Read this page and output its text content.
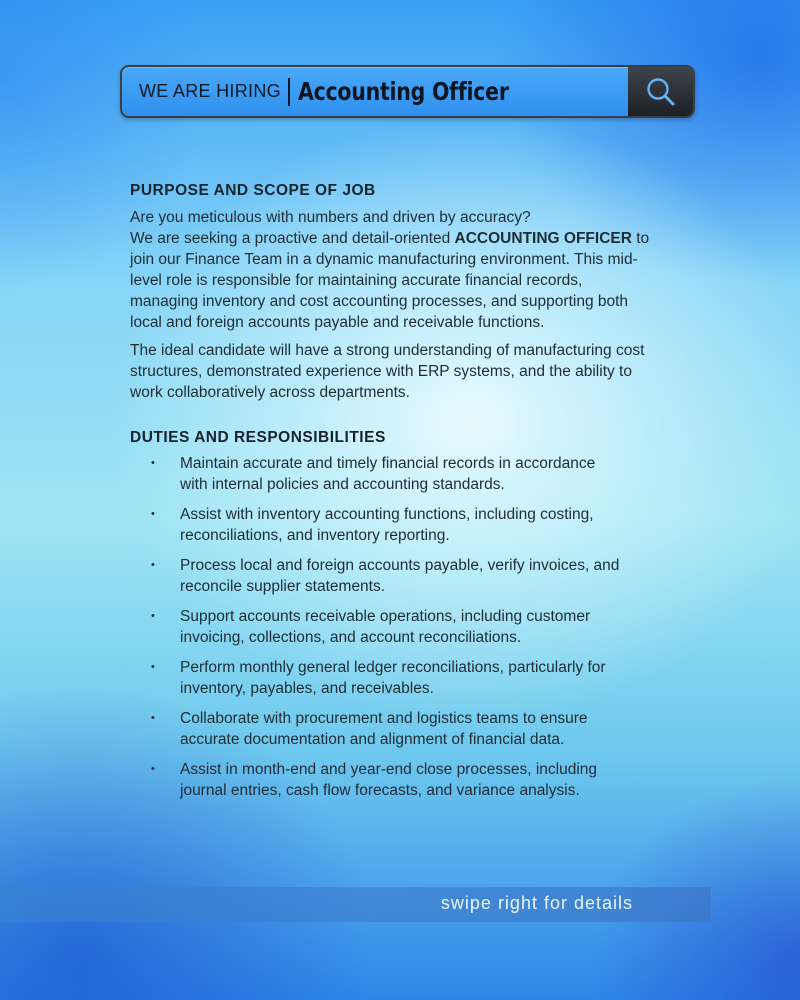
WE ARE HIRING Accounting Officer
PURPOSE AND SCOPE OF JOB

Are you meticulous with numbers and driven by accuracy?

We are seeking a proactive and detail-oriented ACCOUNTING OFFICER to join our Finance Team in a dynamic manufacturing environment. This mid-level role is responsible for maintaining accurate financial records, managing inventory and cost accounting processes, and supporting both local and foreign accounts payable and receivable functions.

The ideal candidate will have a strong understanding of manufacturing cost structures, demonstrated experience with ERP systems, and the ability to work collaboratively across departments.

DUTIES AND RESPONSIBILITIES
• Maintain accurate and timely financial records in accordance with internal policies and accounting standards.
• Assist with inventory accounting functions, including costing, reconciliations, and inventory reporting.
• Process local and foreign accounts payable, verify invoices, and reconcile supplier statements.
• Support accounts receivable operations, including customer invoicing, collections, and account reconciliations.
• Perform monthly general ledger reconciliations, particularly for inventory, payables, and receivables.
• Collaborate with procurement and logistics teams to ensure accurate documentation and alignment of financial data.
• Assist in month-end and year-end close processes, including journal entries, cash flow forecasts, and variance analysis.
swipe right for details
